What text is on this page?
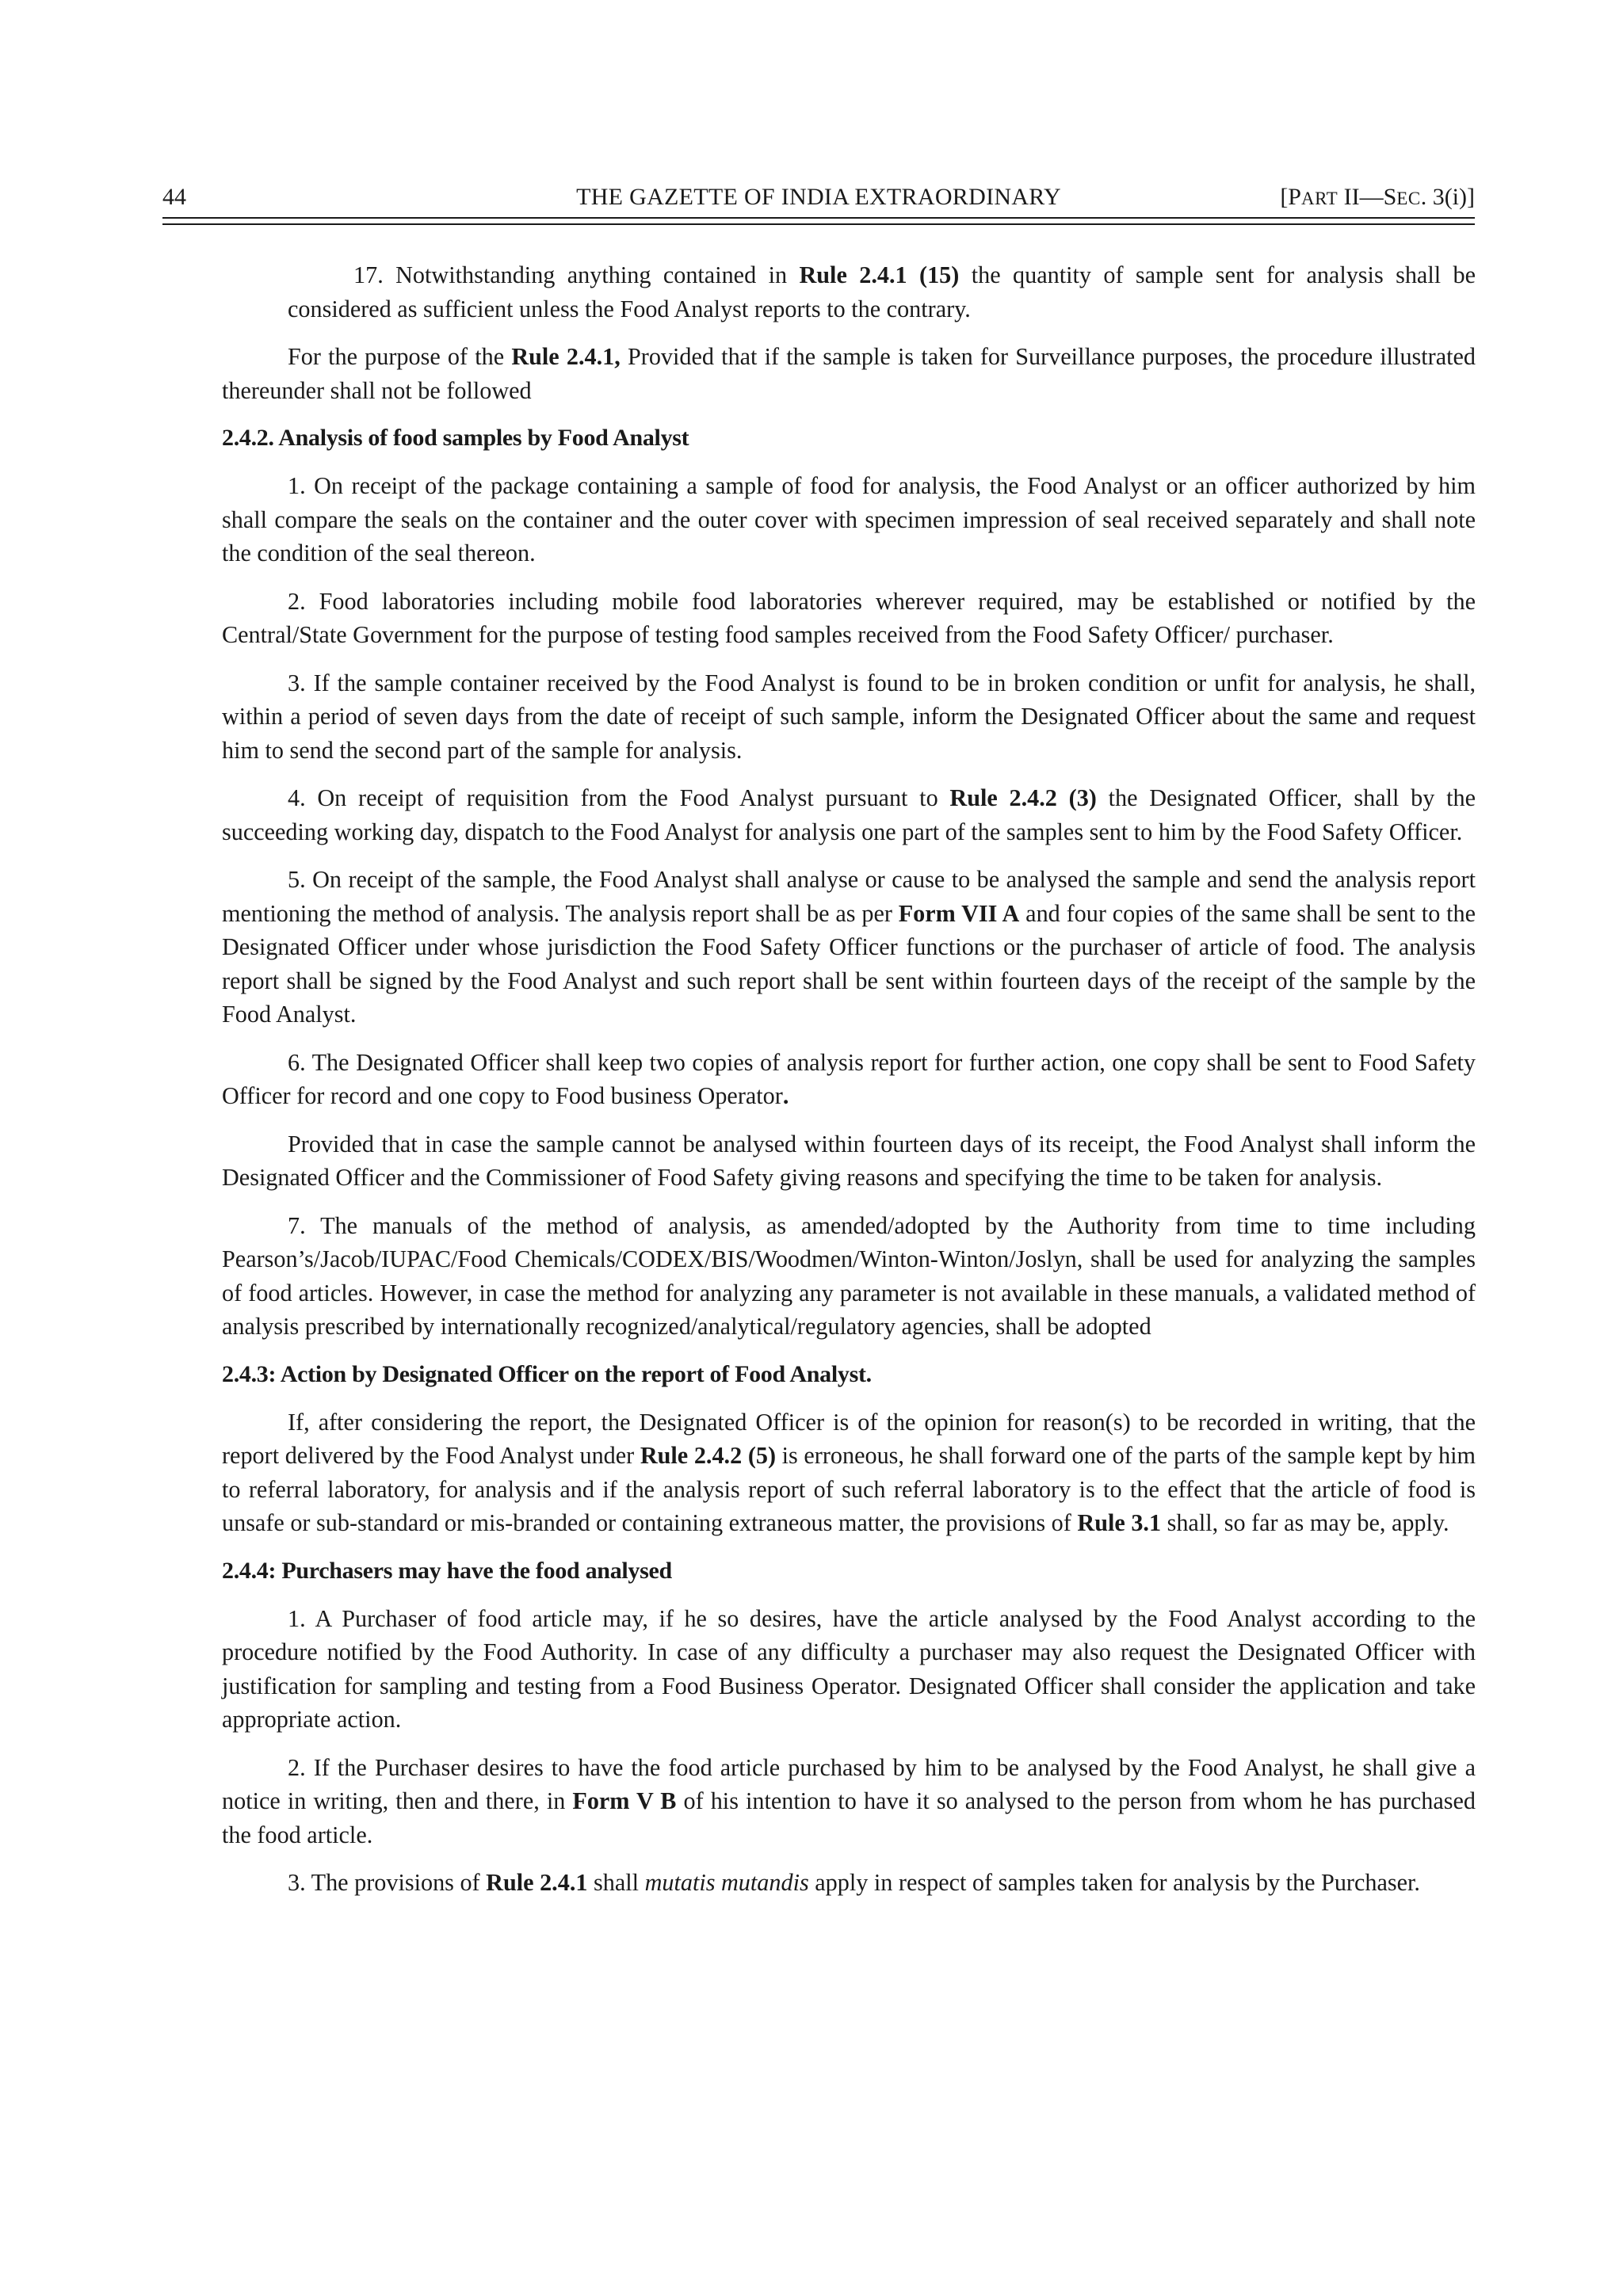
44	THE GAZETTE OF INDIA EXTRAORDINARY	[PART II—SEC. 3(i)]

17. Notwithstanding anything contained in Rule 2.4.1 (15) the quantity of sample sent for analysis shall be considered as sufficient unless the Food Analyst reports to the contrary.

For the purpose of the Rule 2.4.1, Provided that if the sample is taken for Surveillance purposes, the procedure illustrated thereunder shall not be followed

2.4.2. Analysis of food samples by Food Analyst

1. On receipt of the package containing a sample of food for analysis, the Food Analyst or an officer authorized by him shall compare the seals on the container and the outer cover with specimen impression of seal received separately and shall note the condition of the seal thereon.

2. Food laboratories including mobile food laboratories wherever required, may be established or notified by the Central/State Government for the purpose of testing food samples received from the Food Safety Officer/ purchaser.

3. If the sample container received by the Food Analyst is found to be in broken condition or unfit for analysis, he shall, within a period of seven days from the date of receipt of such sample, inform the Designated Officer about the same and request him to send the second part of the sample for analysis.

4. On receipt of requisition from the Food Analyst pursuant to Rule 2.4.2 (3) the Designated Officer, shall by the succeeding working day, dispatch to the Food Analyst for analysis one part of the samples sent to him by the Food Safety Officer.

5. On receipt of the sample, the Food Analyst shall analyse or cause to be analysed the sample and send the analysis report mentioning the method of analysis. The analysis report shall be as per Form VII A and four copies of the same shall be sent to the Designated Officer under whose jurisdiction the Food Safety Officer functions or the purchaser of article of food. The analysis report shall be signed by the Food Analyst and such report shall be sent within fourteen days of the receipt of the sample by the Food Analyst.

6. The Designated Officer shall keep two copies of analysis report for further action, one copy shall be sent to Food Safety Officer for record and one copy to Food business Operator.

Provided that in case the sample cannot be analysed within fourteen days of its receipt, the Food Analyst shall inform the Designated Officer and the Commissioner of Food Safety giving reasons and specifying the time to be taken for analysis.

7. The manuals of the method of analysis, as amended/adopted by the Authority from time to time including Pearson’s/Jacob/IUPAC/Food Chemicals/CODEX/BIS/Woodmen/Winton-Winton/Joslyn, shall be used for analyzing the samples of food articles. However, in case the method for analyzing any parameter is not available in these manuals, a validated method of analysis prescribed by internationally recognized/analytical/regulatory agencies, shall be adopted

2.4.3: Action by Designated Officer on the report of Food Analyst.

If, after considering the report, the Designated Officer is of the opinion for reason(s) to be recorded in writing, that the report delivered by the Food Analyst under Rule 2.4.2 (5) is erroneous, he shall forward one of the parts of the sample kept by him to referral laboratory, for analysis and if the analysis report of such referral laboratory is to the effect that the article of food is unsafe or sub-standard or mis-branded or containing extraneous matter, the provisions of Rule 3.1 shall, so far as may be, apply.

2.4.4: Purchasers may have the food analysed

1. A Purchaser of food article may, if he so desires, have the article analysed by the Food Analyst according to the procedure notified by the Food Authority. In case of any difficulty a purchaser may also request the Designated Officer with justification for sampling and testing from a Food Business Operator. Designated Officer shall consider the application and take appropriate action.

2. If the Purchaser desires to have the food article purchased by him to be analysed by the Food Analyst, he shall give a notice in writing, then and there, in Form V B of his intention to have it so analysed to the person from whom he has purchased the food article.

3. The provisions of Rule 2.4.1 shall mutatis mutandis apply in respect of samples taken for analysis by the Purchaser.
